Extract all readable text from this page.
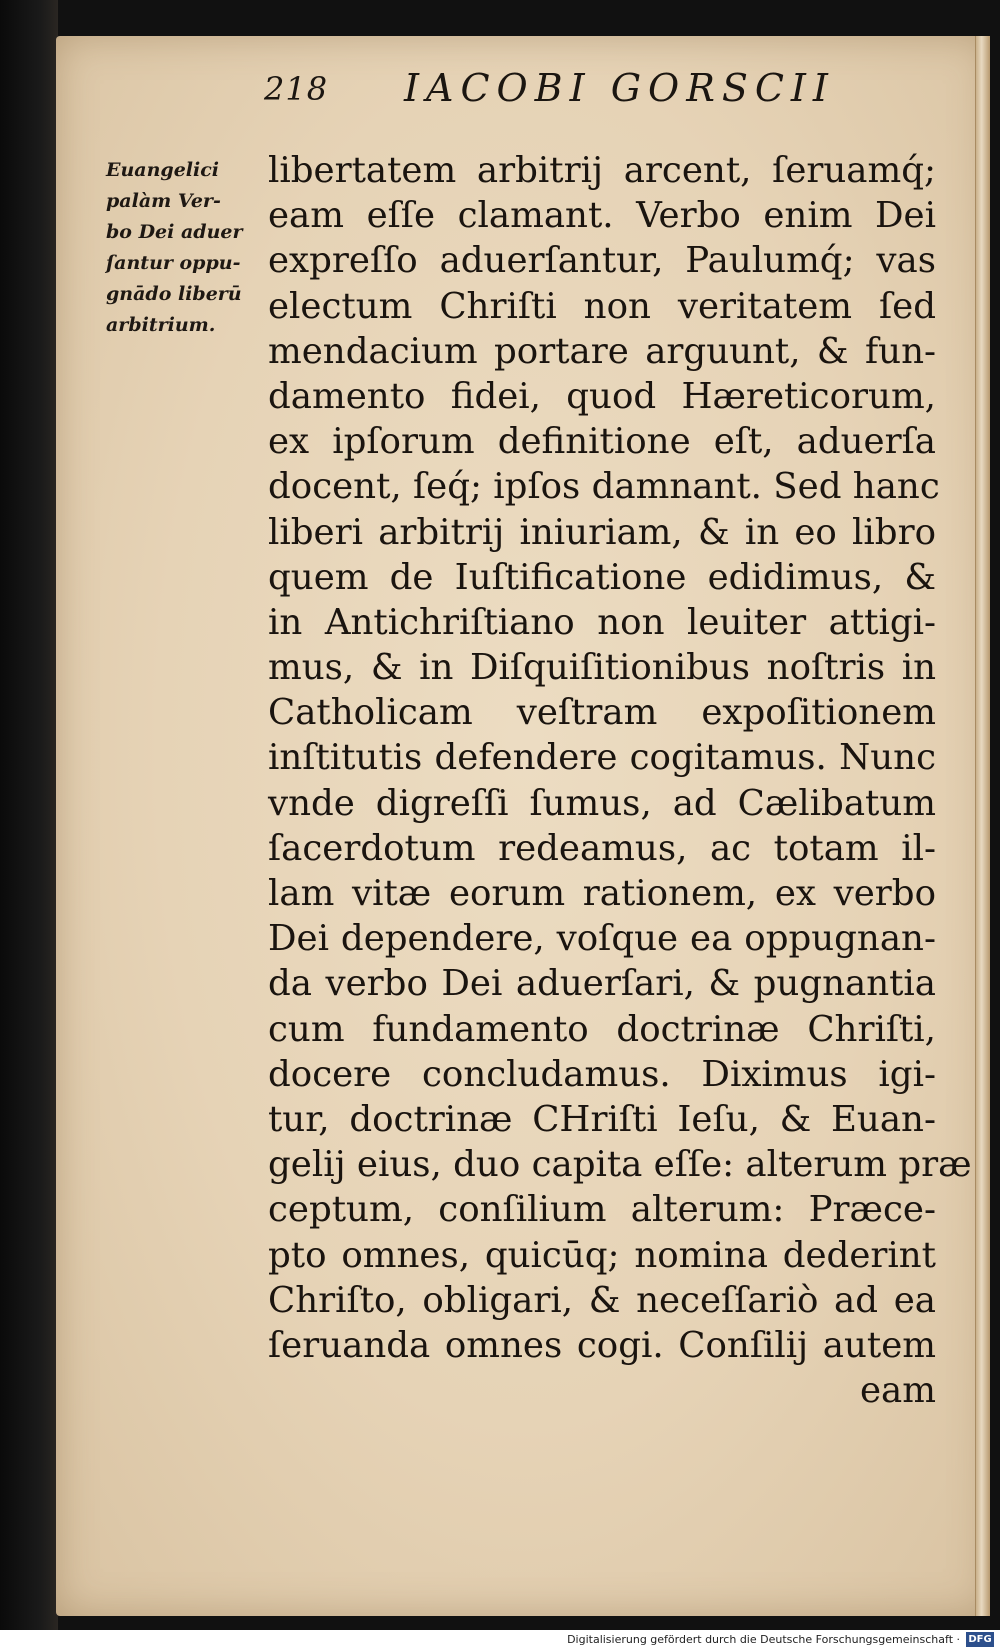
218 IACOBI GORSCII
Euangelici
palàm Ver-
bo Dei aduer
ſantur oppu-
gnādo liberū
arbitrium.
libertatem arbitrij arcent, ſeruamq́;
eam eſſe clamant. Verbo enim Dei
expreſſo aduerſantur, Paulumq́; vas
electum Chriſti non veritatem ſed
mendacium portare arguunt, & fun-
damento fidei, quod Hæreticorum,
ex ipſorum definitione eſt, aduerſa
docent, ſeq́; ipſos damnant. Sed hanc
liberi arbitrij iniuriam, & in eo libro
quem de Iuſtificatione edidimus, &
in Antichriſtiano non leuiter attigi-
mus, & in Diſquiſitionibus noſtris in
Catholicam veſtram expoſitionem
inſtitutis defendere cogitamus. Nunc
vnde digreſſi ſumus, ad Cælibatum
ſacerdotum redeamus, ac totam il-
lam vitæ eorum rationem, ex verbo
Dei dependere, voſque ea oppugnan-
da verbo Dei aduerſari, & pugnantia
cum fundamento doctrinæ Chriſti,
docere concludamus. Diximus igi-
tur, doctrinæ CHriſti Ieſu, & Euan-
gelij eius, duo capita eſſe: alterum præ
ceptum, conſilium alterum: Præce-
pto omnes, quicūq; nomina dederint
Chriſto, obligari, & neceſſariò ad ea
ſeruanda omnes cogi. Conſilij autem
eam
Digitalisierung gefördert durch die Deutsche Forschungsgemeinschaft · DFG
